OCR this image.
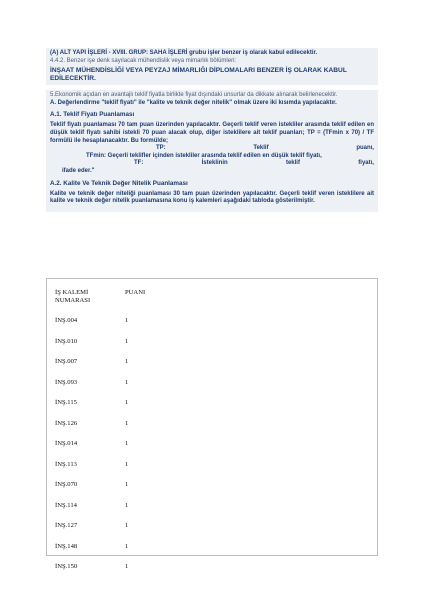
(A) ALT YAPI İŞLERİ - XVIII. GRUP: SAHA İŞLERİ grubu işler benzer iş olarak kabul edilecektir.

4.4.2. Benzer işe denk sayılacak mühendislik veya mimarlık bölümleri:

İNŞAAT MÜHENDİSLİĞİ VEYA PEYZAJ MİMARLIĞI DİPLOMALARI BENZER İŞ OLARAK KABUL EDİLECEKTİR.

5.Ekonomik açıdan en avantajlı teklif fiyatla birlikte fiyat dışındaki unsurlar da dikkate alınarak belirlenecektir.

A. Değerlendirme "teklif fiyatı" ile "kalite ve teknik değer nitelik" olmak üzere iki kısımda yapılacaktır.

A.1. Teklif Fiyatı Puanlaması

Teklif fiyatı puanlaması 70 tam puan üzerinden yapılacaktır. Geçerli teklif veren istekliler arasında teklif edilen en düşük teklif fiyatı sahibi istekli 70 puan alacak olup, diğer isteklilere ait teklif puanları; TP = (TFmin x 70) / TF formülü ile hesaplanacaktır. Bu formülde;

TP:	Teklif	puanı,
TFmin: Geçerli teklifler içinden istekliler arasında teklif edilen en düşük teklif fiyatı,
TF:	İsteklinin	teklif	fiyatı,
ifade eder."

A.2. Kalite Ve Teknik Değer Nitelik Puanlaması

Kalite ve teknik değer niteliği puanlaması 30 tam puan üzerinden yapılacaktır. Geçerli teklif veren isteklilere ait kalite ve teknik değer nitelik puanlamasına konu iş kalemleri aşağıdaki tabloda gösterilmiştir.

İŞ KALEMİ
NUMARASI	PUANI
İNŞ.004	1
İNŞ.010	1
İNŞ.007	1
İNŞ.093	1
İNŞ.115	1
İNŞ.126	1
İNŞ.014	1
İNŞ.113	1
İNŞ.070	1
İNŞ.114	1
İNŞ.127	1
İNŞ.148	1
İNŞ.150	1
